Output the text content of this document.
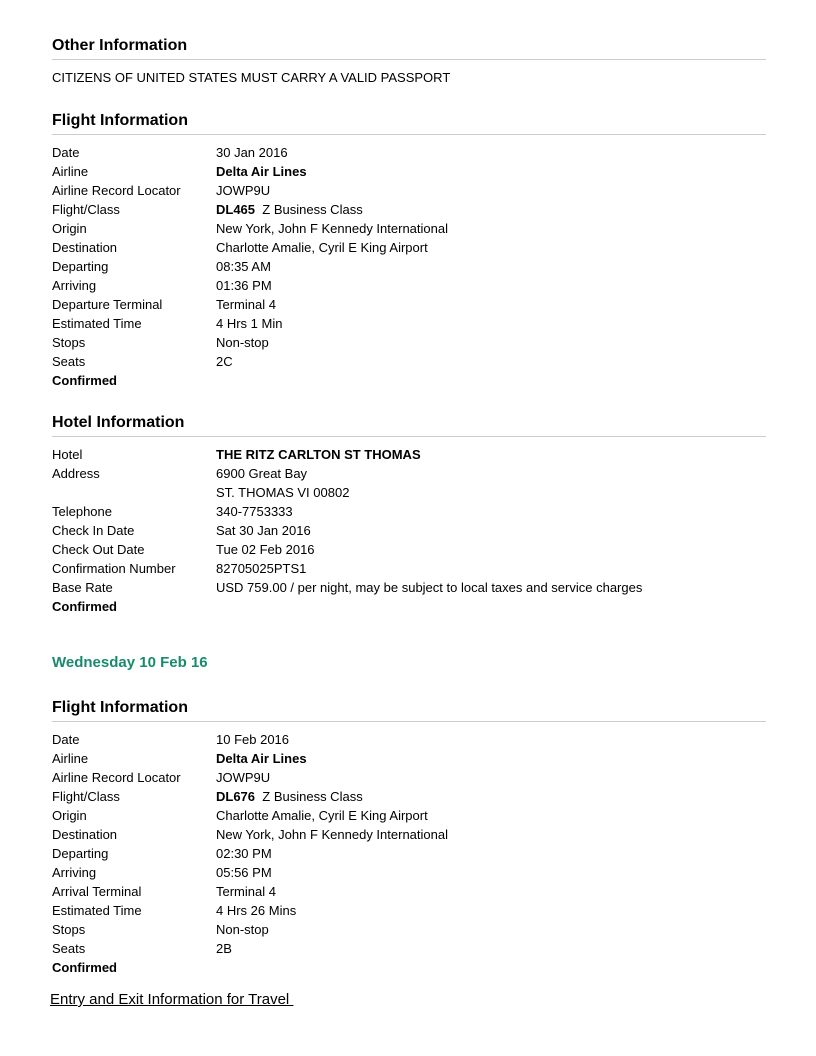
Other Information
CITIZENS OF UNITED STATES MUST CARRY A VALID PASSPORT
Flight Information
Date	30 Jan 2016
Airline	Delta Air Lines
Airline Record Locator	JOWP9U
Flight/Class	DL465  Z Business Class
Origin	New York, John F Kennedy International
Destination	Charlotte Amalie, Cyril E King Airport
Departing	08:35 AM
Arriving	01:36 PM
Departure Terminal	Terminal 4
Estimated Time	4 Hrs 1 Min
Stops	Non-stop
Seats	2C
Confirmed
Hotel Information
Hotel	THE RITZ CARLTON ST THOMAS
Address	6900 Great Bay
ST. THOMAS VI 00802
Telephone	340-7753333
Check In Date	Sat 30 Jan 2016
Check Out Date	Tue 02 Feb 2016
Confirmation Number	82705025PTS1
Base Rate	USD 759.00 / per night, may be subject to local taxes and service charges
Confirmed
Wednesday 10 Feb 16
Flight Information
Date	10 Feb 2016
Airline	Delta Air Lines
Airline Record Locator	JOWP9U
Flight/Class	DL676  Z Business Class
Origin	Charlotte Amalie, Cyril E King Airport
Destination	New York, John F Kennedy International
Departing	02:30 PM
Arriving	05:56 PM
Arrival Terminal	Terminal 4
Estimated Time	4 Hrs 26 Mins
Stops	Non-stop
Seats	2B
Confirmed
Entry and Exit Information for Travel
